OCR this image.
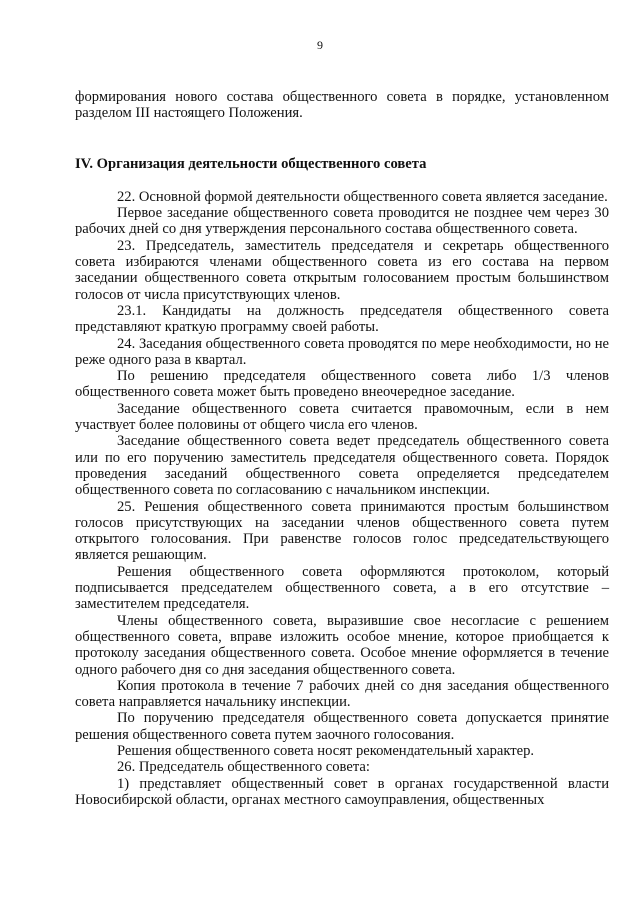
9

формирования нового состава общественного совета в порядке, установленном разделом III настоящего Положения.

IV. Организация деятельности общественного совета

22. Основной формой деятельности общественного совета является заседание.

Первое заседание общественного совета проводится не позднее чем через 30 рабочих дней со дня утверждения персонального состава общественного совета.

23. Председатель, заместитель председателя и секретарь общественного совета избираются членами общественного совета из его состава на первом заседании общественного совета открытым голосованием простым большинством голосов от числа присутствующих членов.

23.1. Кандидаты на должность председателя общественного совета представляют краткую программу своей работы.

24. Заседания общественного совета проводятся по мере необходимости, но не реже одного раза в квартал.

По решению председателя общественного совета либо 1/3 членов общественного совета может быть проведено внеочередное заседание.

Заседание общественного совета считается правомочным, если в нем участвует более половины от общего числа его членов.

Заседание общественного совета ведет председатель общественного совета или по его поручению заместитель председателя общественного совета. Порядок проведения заседаний общественного совета определяется председателем общественного совета по согласованию с начальником инспекции.

25. Решения общественного совета принимаются простым большинством голосов присутствующих на заседании членов общественного совета путем открытого голосования. При равенстве голосов голос председательствующего является решающим.

Решения общественного совета оформляются протоколом, который подписывается председателем общественного совета, а в его отсутствие – заместителем председателя.

Члены общественного совета, выразившие свое несогласие с решением общественного совета, вправе изложить особое мнение, которое приобщается к протоколу заседания общественного совета. Особое мнение оформляется в течение одного рабочего дня со дня заседания общественного совета.

Копия протокола в течение 7 рабочих дней со дня заседания общественного совета направляется начальнику инспекции.

По поручению председателя общественного совета допускается принятие решения общественного совета путем заочного голосования.

Решения общественного совета носят рекомендательный характер.

26. Председатель общественного совета:

1) представляет общественный совет в органах государственной власти Новосибирской области, органах местного самоуправления, общественных
